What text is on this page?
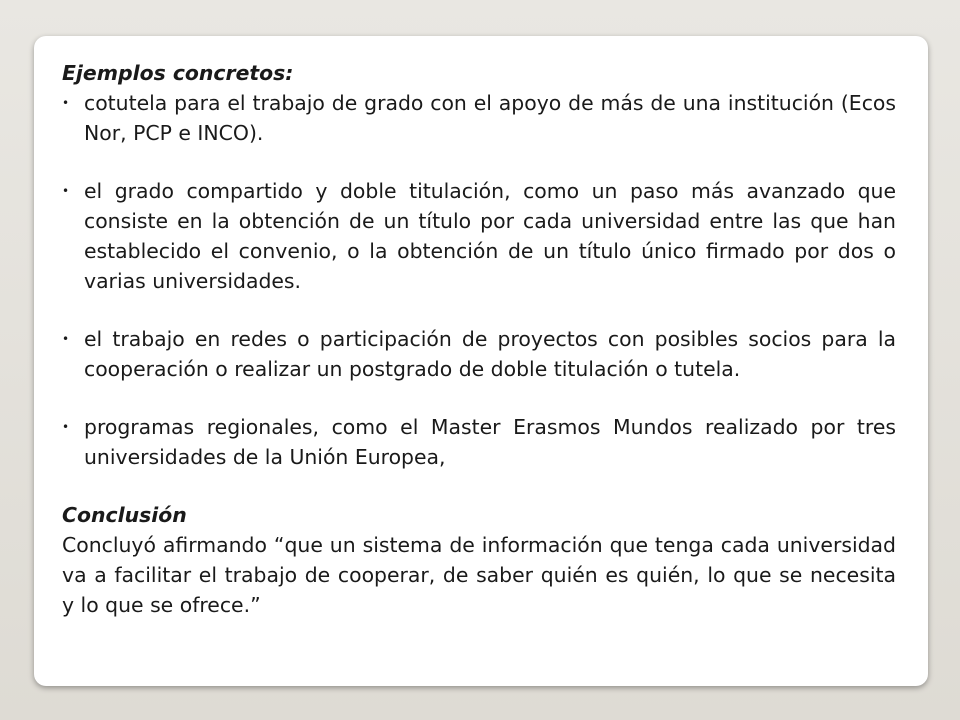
Ejemplos concretos:
• cotutela para el trabajo de grado con el apoyo de más de una institución (Ecos Nor, PCP e INCO).
• el grado compartido y doble titulación, como un paso más avanzado que consiste en la obtención de un título por cada universidad entre las que han establecido el convenio, o la obtención de un título único firmado por dos o varias universidades.
• el trabajo en redes o participación de proyectos con posibles socios para la cooperación o realizar un postgrado de doble titulación o tutela.
• programas regionales, como el Master Erasmos Mundos realizado por tres universidades de la Unión Europea,
Conclusión

Concluyó afirmando “que un sistema de información que tenga cada universidad va a facilitar el trabajo de cooperar, de saber quién es quién, lo que se necesita y lo que se ofrece.”
